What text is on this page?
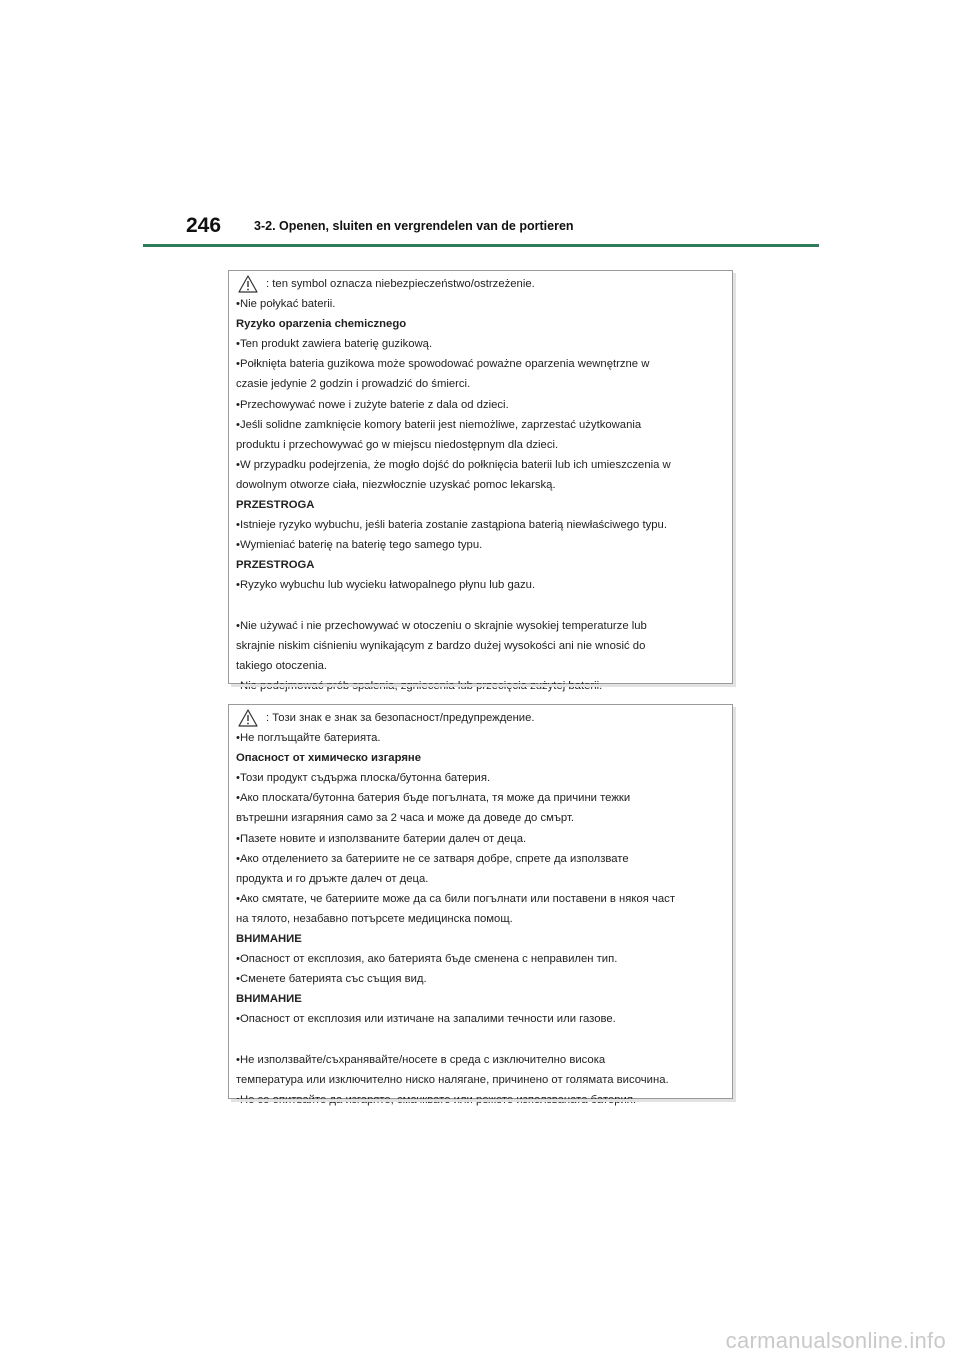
246	3-2. Openen, sluiten en vergrendelen van de portieren
: ten symbol oznacza niebezpieczeństwo/ostrzeżenie.
•Nie połykać baterii.
Ryzyko oparzenia chemicznego
•Ten produkt zawiera baterię guzikową.
•Połknięta bateria guzikowa może spowodować poważne oparzenia wewnętrzne w
czasie jedynie 2 godzin i prowadzić do śmierci.
•Przechowywać nowe i zużyte baterie z dala od dzieci.
•Jeśli solidne zamknięcie komory baterii jest niemożliwe, zaprzestać użytkowania
produktu i przechowywać go w miejscu niedostępnym dla dzieci.
•W przypadku podejrzenia, że mogło dojść do połknięcia baterii lub ich umieszczenia w
dowolnym otworze ciała, niezwłocznie uzyskać pomoc lekarską.
PRZESTROGA
•Istnieje ryzyko wybuchu, jeśli bateria zostanie zastąpiona baterią niewłaściwego typu.
•Wymieniać baterię na baterię tego samego typu.
PRZESTROGA
•Ryzyko wybuchu lub wycieku łatwopalnego płynu lub gazu.
•Nie używać i nie przechowywać w otoczeniu o skrajnie wysokiej temperaturze lub
skrajnie niskim ciśnieniu wynikającym z bardzo dużej wysokości ani nie wnosić do
takiego otoczenia.
: Този знак е знак за безопасност/предупреждение.
•Не поглъщайте батерията.
Опасност от химическо изгаряне
•Този продукт съдържа плоска/бутонна батерия.
•Ако плоската/бутонна батерия бъде погълната, тя може да причини тежки
вътрешни изгаряния само за 2 часа и може да доведе до смърт.
•Пазете новите и използваните батерии далеч от деца.
•Ако отделението за батериите не се затваря добре, спрете да използвате
продукта и го дръжте далеч от деца.
•Ако смятате, че батериите може да са били погълнати или поставени в някоя част
на тялото, незабавно потърсете медицинска помощ.
ВНИМАНИЕ
•Опасност от експлозия, ако батерията бъде сменена с неправилен тип.
•Сменете батерията със същия вид.
ВНИМАНИЕ
•Опасност от експлозия или изтичане на запалими течности или газове.
•Не използвайте/съхранявайте/носете в среда с изключително висока
температура или изключително ниско налягане, причинено от голямата височина.
carmanualsonline.info
